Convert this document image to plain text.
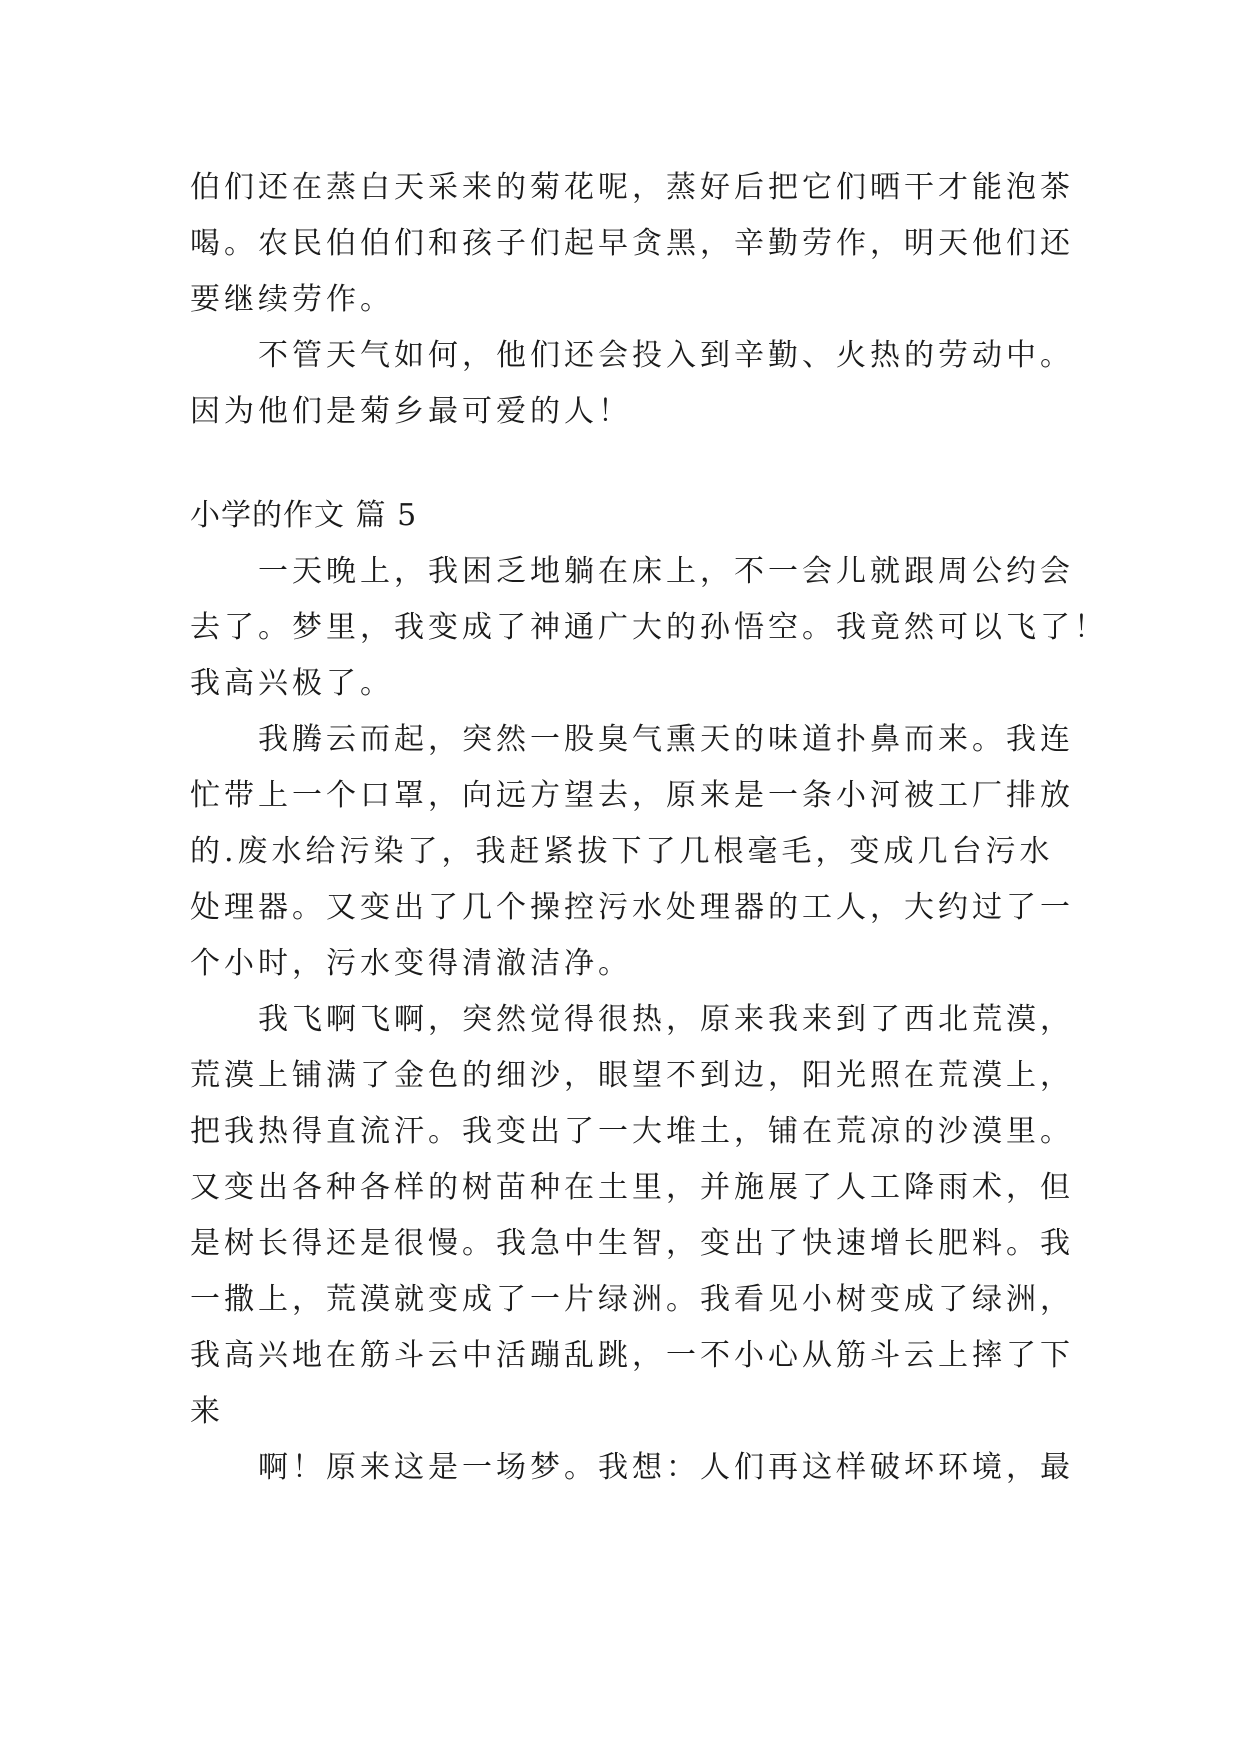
伯们还在蒸白天采来的菊花呢，蒸好后把它们晒干才能泡茶
喝。农民伯伯们和孩子们起早贪黑，辛勤劳作，明天他们还
要继续劳作。
不管天气如何，他们还会投入到辛勤、火热的劳动中。
因为他们是菊乡最可爱的人！
小学的作文 篇 5
一天晚上，我困乏地躺在床上，不一会儿就跟周公约会
去了。梦里，我变成了神通广大的孙悟空。我竟然可以飞了！
我高兴极了。
我腾云而起，突然一股臭气熏天的味道扑鼻而来。我连
忙带上一个口罩，向远方望去，原来是一条小河被工厂排放
的.废水给污染了，我赶紧拔下了几根毫毛，变成几台污水
处理器。又变出了几个操控污水处理器的工人，大约过了一
个小时，污水变得清澈洁净。
我飞啊飞啊，突然觉得很热，原来我来到了西北荒漠，
荒漠上铺满了金色的细沙，眼望不到边，阳光照在荒漠上，
把我热得直流汗。我变出了一大堆土，铺在荒凉的沙漠里。
又变出各种各样的树苗种在土里，并施展了人工降雨术，但
是树长得还是很慢。我急中生智，变出了快速增长肥料。我
一撒上，荒漠就变成了一片绿洲。我看见小树变成了绿洲，
我高兴地在筋斗云中活蹦乱跳，一不小心从筋斗云上摔了下
来
啊！原来这是一场梦。我想：人们再这样破坏环境，最
